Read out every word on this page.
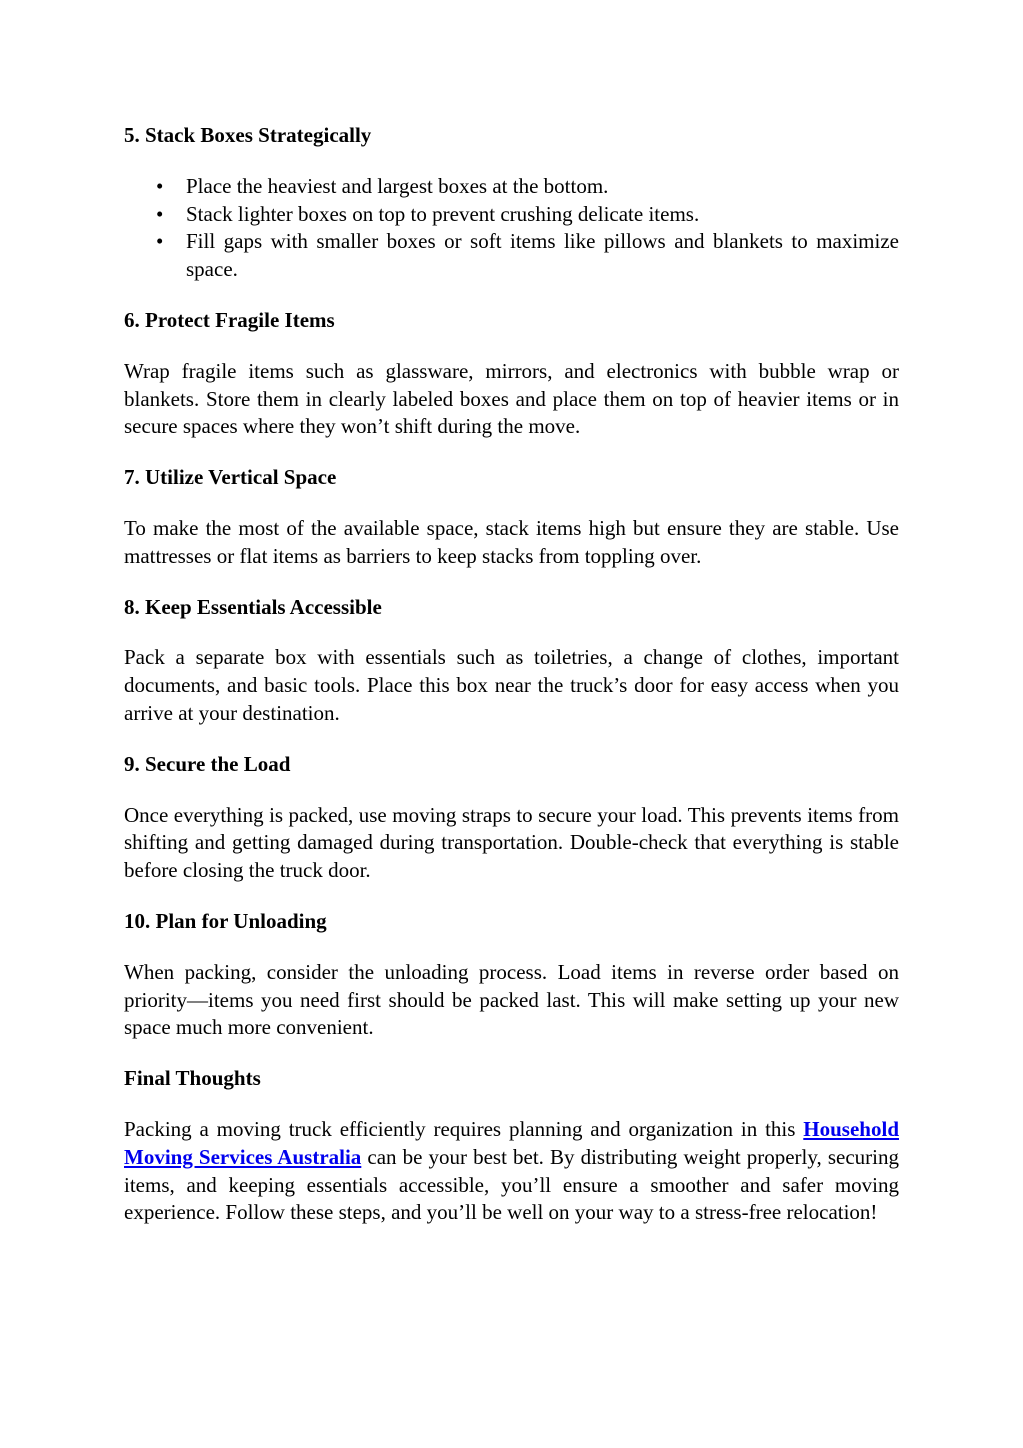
5. Stack Boxes Strategically
• Place the heaviest and largest boxes at the bottom.
• Stack lighter boxes on top to prevent crushing delicate items.
• Fill gaps with smaller boxes or soft items like pillows and blankets to maximize space.
6. Protect Fragile Items
Wrap fragile items such as glassware, mirrors, and electronics with bubble wrap or blankets. Store them in clearly labeled boxes and place them on top of heavier items or in secure spaces where they won’t shift during the move.
7. Utilize Vertical Space
To make the most of the available space, stack items high but ensure they are stable. Use mattresses or flat items as barriers to keep stacks from toppling over.
8. Keep Essentials Accessible
Pack a separate box with essentials such as toiletries, a change of clothes, important documents, and basic tools. Place this box near the truck’s door for easy access when you arrive at your destination.
9. Secure the Load
Once everything is packed, use moving straps to secure your load. This prevents items from shifting and getting damaged during transportation. Double-check that everything is stable before closing the truck door.
10. Plan for Unloading
When packing, consider the unloading process. Load items in reverse order based on priority—items you need first should be packed last. This will make setting up your new space much more convenient.
Final Thoughts
Packing a moving truck efficiently requires planning and organization in this Household Moving Services Australia can be your best bet. By distributing weight properly, securing items, and keeping essentials accessible, you’ll ensure a smoother and safer moving experience. Follow these steps, and you’ll be well on your way to a stress-free relocation!
